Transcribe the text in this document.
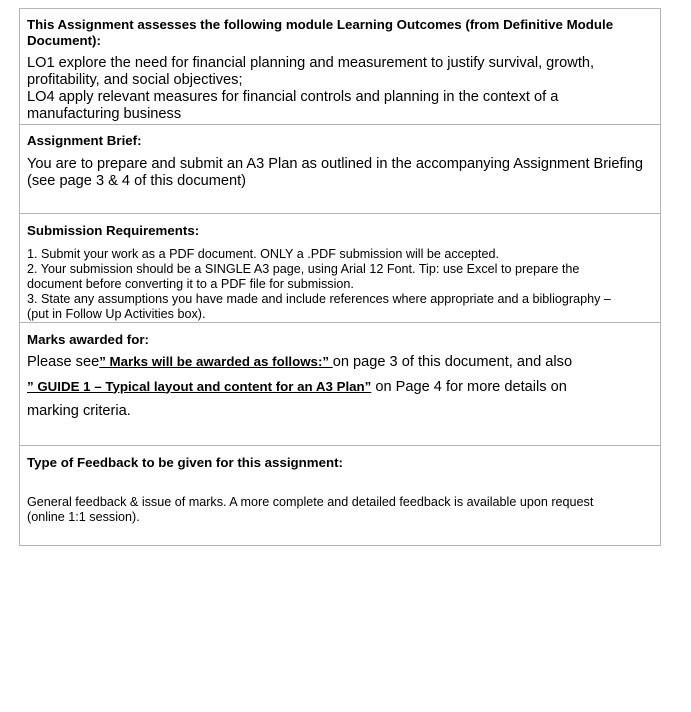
This Assignment assesses the following module Learning Outcomes (from Definitive Module
Document):

LO1 explore the need for financial planning and measurement to justify survival, growth,
profitability, and social objectives;
LO4 apply relevant measures for financial controls and planning in the context of a
manufacturing business

Assignment Brief:

You are to prepare and submit an A3 Plan as outlined in the accompanying Assignment Briefing
(see page 3 & 4 of this document)

Submission Requirements:

1. Submit your work as a PDF document. ONLY a .PDF submission will be accepted.
2. Your submission should be a SINGLE A3 page, using Arial 12 Font. Tip: use Excel to prepare the
document before converting it to a PDF file for submission.
3. State any assumptions you have made and include references where appropriate and a bibliography –
(put in Follow Up Activities box).

Marks awarded for:

Please see” Marks will be awarded as follows:” on page 3 of this document, and also
” GUIDE 1 – Typical layout and content for an A3 Plan” on Page 4 for more details on
marking criteria.

Type of Feedback to be given for this assignment:

General feedback & issue of marks. A more complete and detailed feedback is available upon request
(online 1:1 session).
